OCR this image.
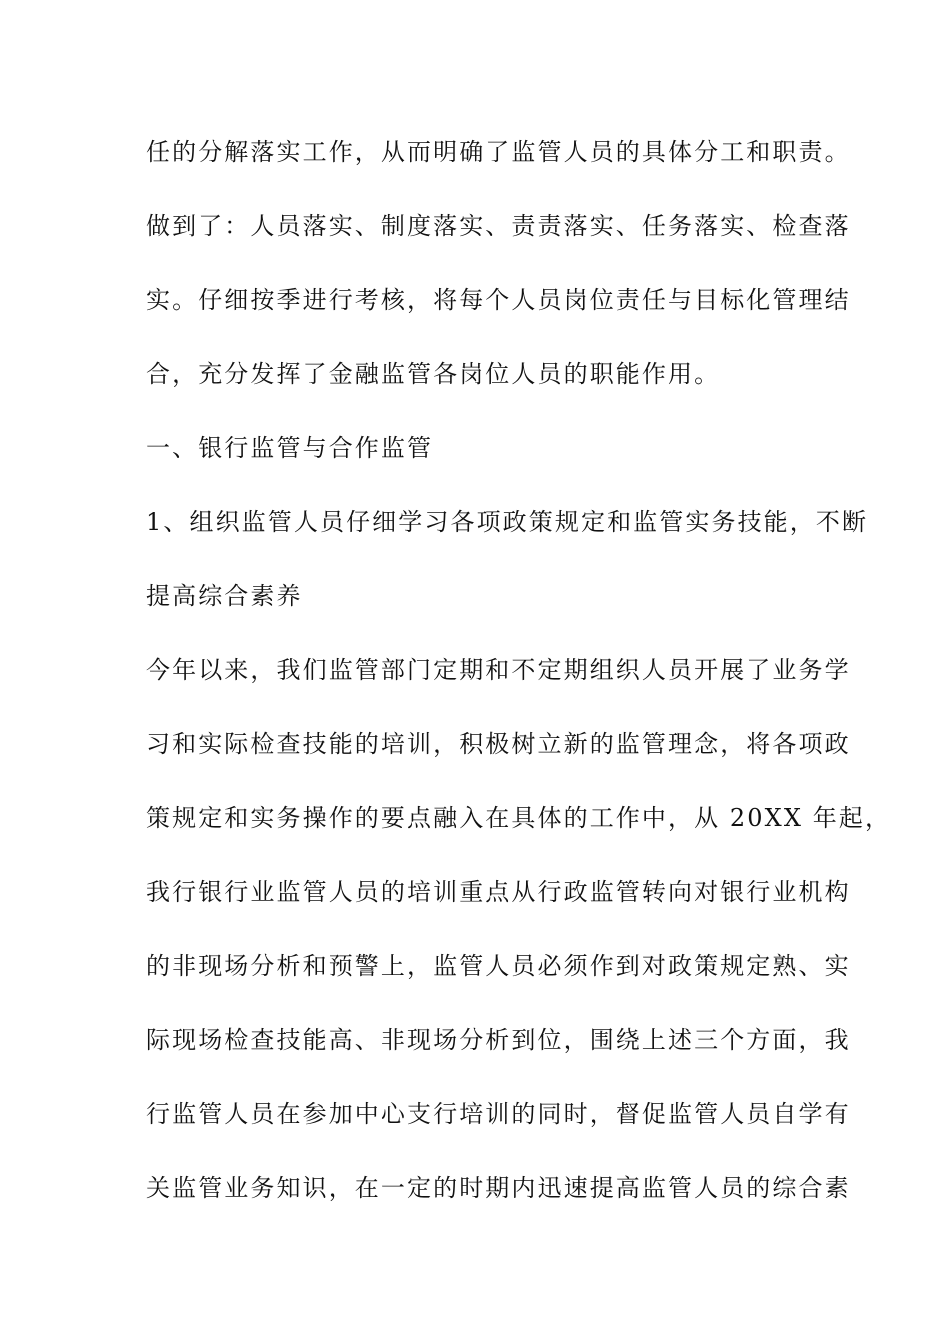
任的分解落实工作，从而明确了监管人员的具体分工和职责。
做到了：人员落实、制度落实、责责落实、任务落实、检查落
实。仔细按季进行考核，将每个人员岗位责任与目标化管理结
合，充分发挥了金融监管各岗位人员的职能作用。
一、银行监管与合作监管
1、组织监管人员仔细学习各项政策规定和监管实务技能，不断
提高综合素养
今年以来，我们监管部门定期和不定期组织人员开展了业务学
习和实际检查技能的培训，积极树立新的监管理念，将各项政
策规定和实务操作的要点融入在具体的工作中，从 20XX 年起，
我行银行业监管人员的培训重点从行政监管转向对银行业机构
的非现场分析和预警上，监管人员必须作到对政策规定熟、实
际现场检查技能高、非现场分析到位，围绕上述三个方面，我
行监管人员在参加中心支行培训的同时，督促监管人员自学有
关监管业务知识，在一定的时期内迅速提高监管人员的综合素
